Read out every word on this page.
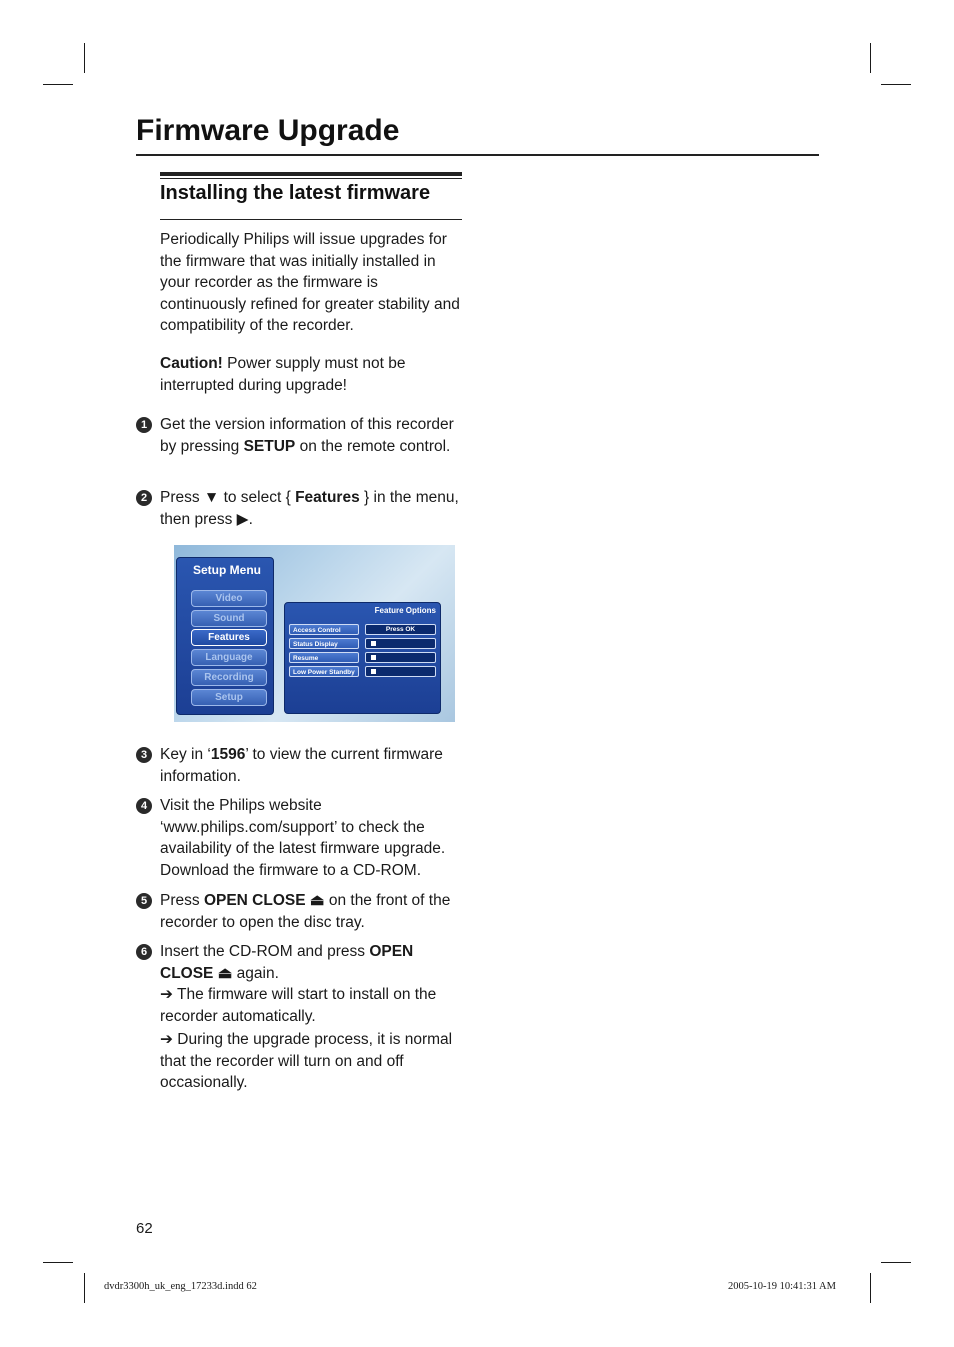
Firmware Upgrade
Installing the latest firmware
Periodically Philips will issue upgrades for the firmware that was initially installed in your recorder as the firmware is continuously refined for greater stability and compatibility of the recorder.
Caution! Power supply must not be interrupted during upgrade!
1 Get the version information of this recorder by pressing SETUP on the remote control.
2 Press ▼ to select { Features } in the menu, then press ▶.
Setup Menu
Video
Sound
Features
Language
Recording
Setup
Feature Options
Access Control	Press OK
Status Display
Resume
Low Power Standby
3 Key in ‘1596’ to view the current firmware information.
4 Visit the Philips website ‘www.philips.com/support’ to check the availability of the latest firmware upgrade. Download the firmware to a CD-ROM.
5 Press OPEN CLOSE ⏏ on the front of the recorder to open the disc tray.
6 Insert the CD-ROM and press OPEN CLOSE ⏏ again.
➔ The firmware will start to install on the recorder automatically.
➔ During the upgrade process, it is normal that the recorder will turn on and off occasionally.
62
dvdr3300h_uk_eng_17233d.indd 62	2005-10-19 10:41:31 AM
